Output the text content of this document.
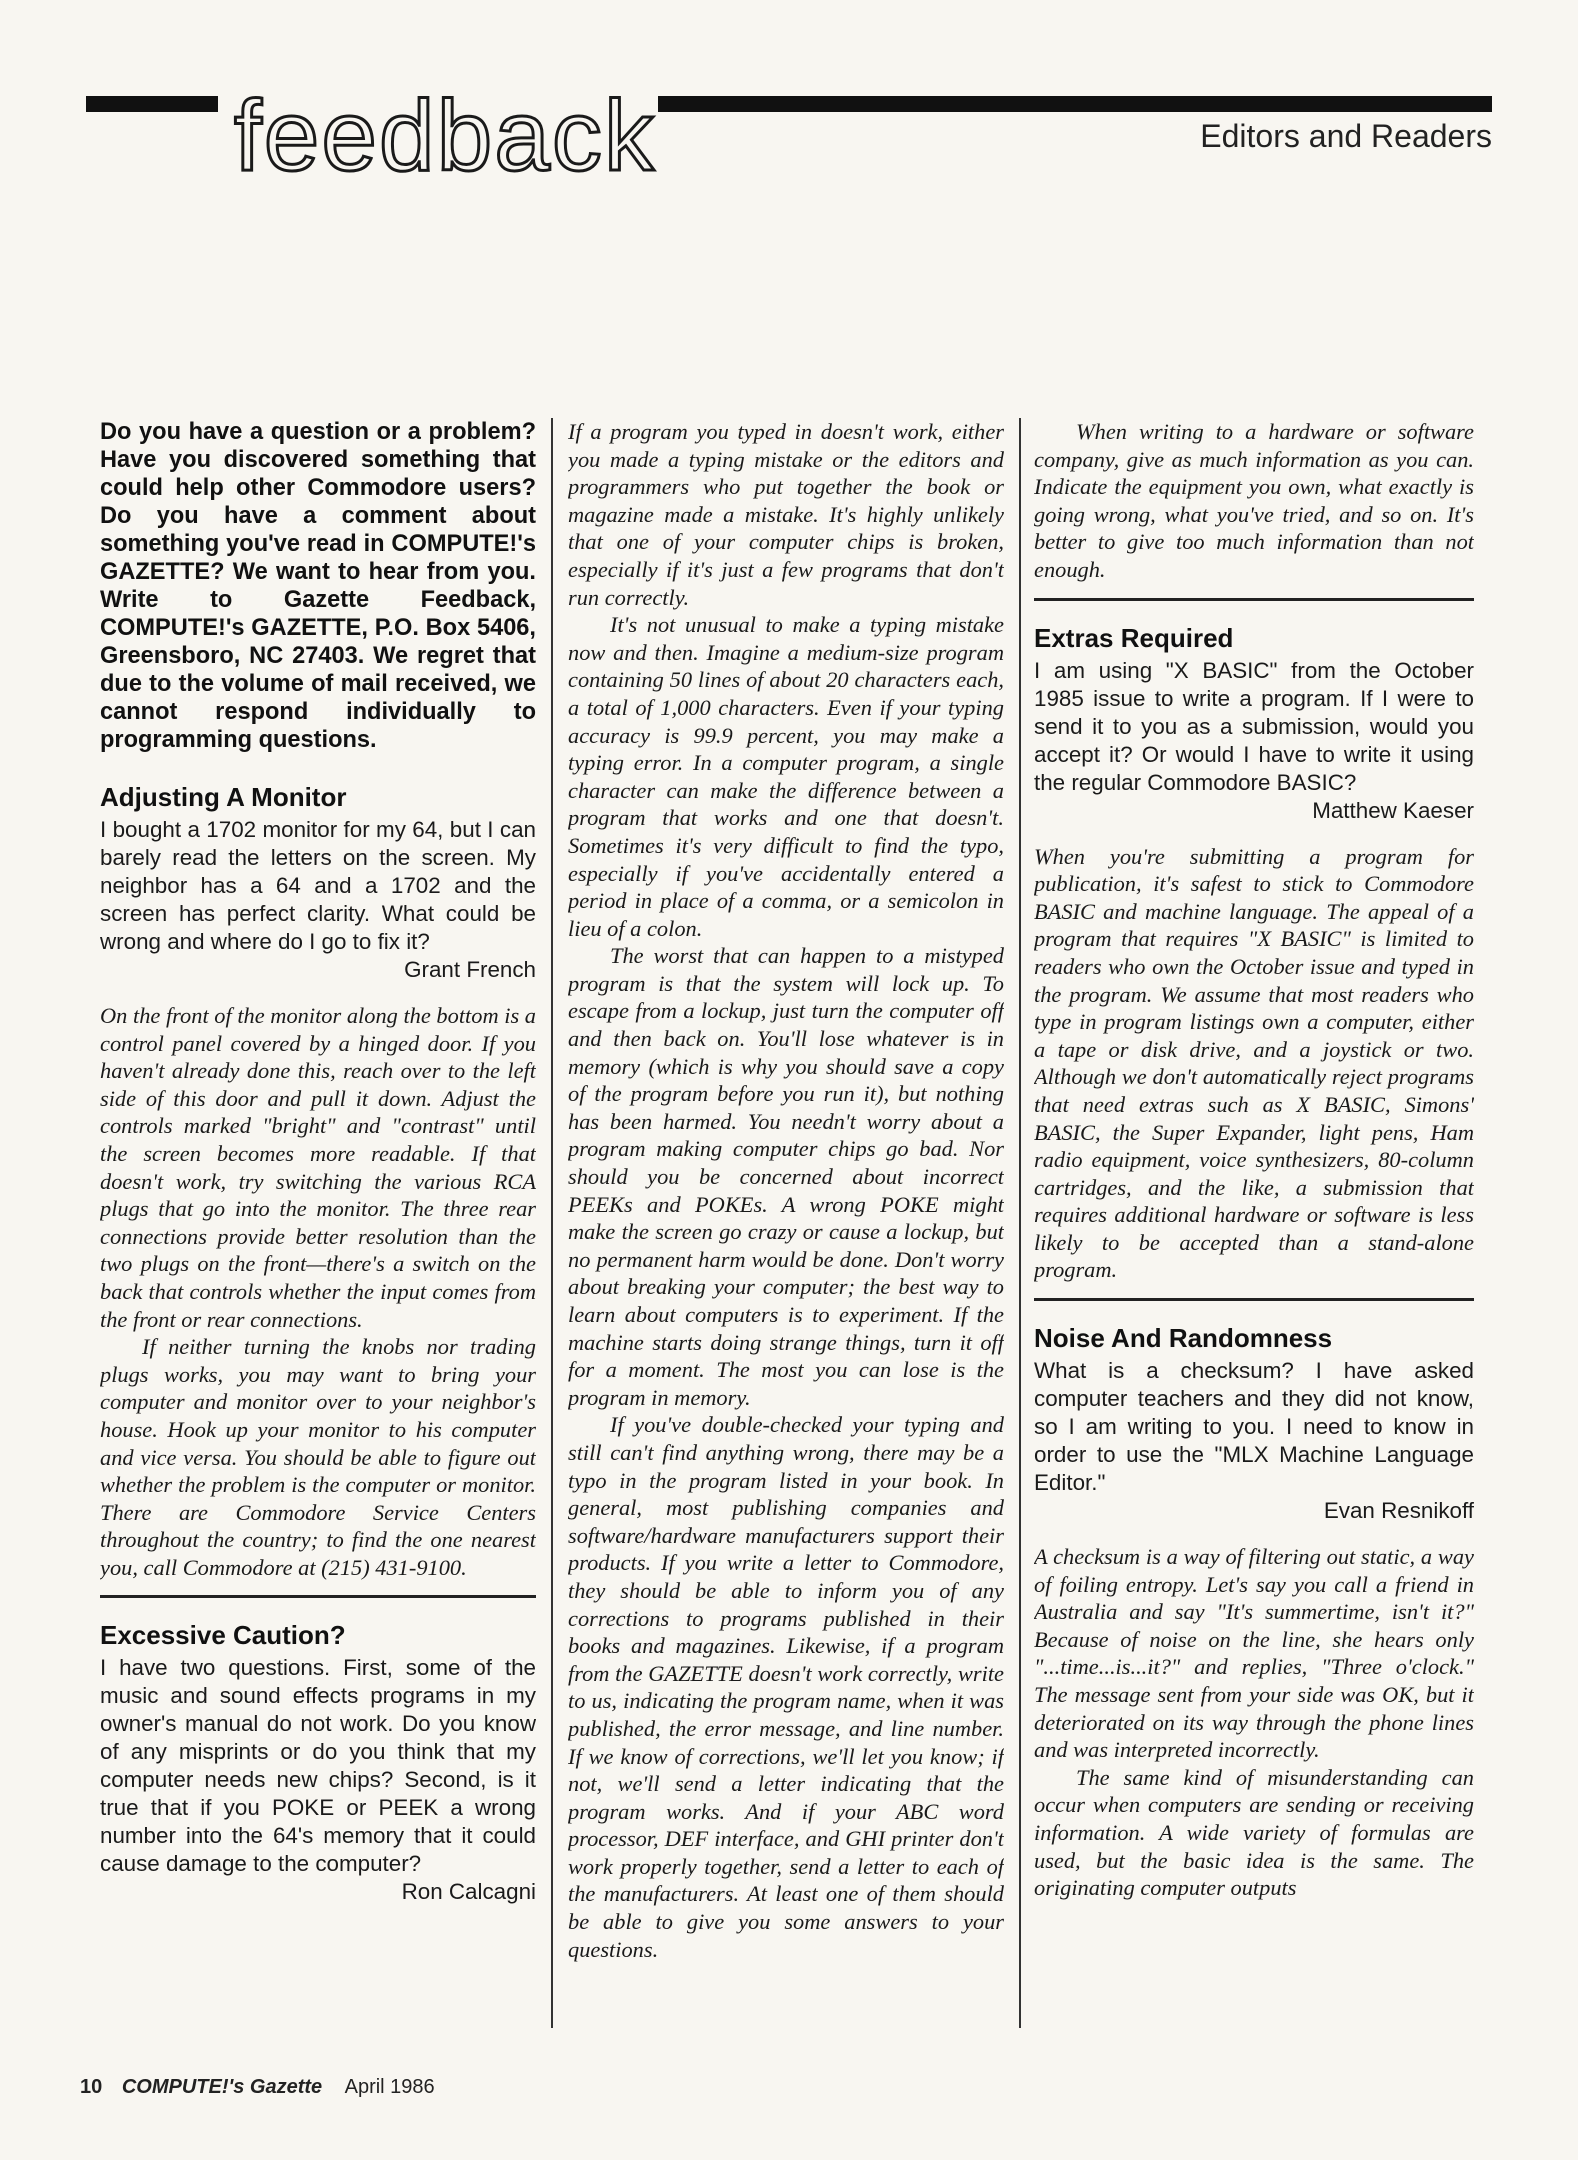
feedback	Editors and Readers

Do you have a question or a problem? Have you discovered something that could help other Commodore users? Do you have a comment about something you've read in COMPUTE!'s GAZETTE? We want to hear from you. Write to Gazette Feedback, COMPUTE!'s GAZETTE, P.O. Box 5406, Greensboro, NC 27403. We regret that due to the volume of mail received, we cannot respond individually to programming questions.

Adjusting A Monitor

I bought a 1702 monitor for my 64, but I can barely read the letters on the screen. My neighbor has a 64 and a 1702 and the screen has perfect clarity. What could be wrong and where do I go to fix it?

Grant French

On the front of the monitor along the bottom is a control panel covered by a hinged door. If you haven't already done this, reach over to the left side of this door and pull it down. Adjust the controls marked "bright" and "contrast" until the screen becomes more readable. If that doesn't work, try switching the various RCA plugs that go into the monitor. The three rear connections provide better resolution than the two plugs on the front—there's a switch on the back that controls whether the input comes from the front or rear connections.

If neither turning the knobs nor trading plugs works, you may want to bring your computer and monitor over to your neighbor's house. Hook up your monitor to his computer and vice versa. You should be able to figure out whether the problem is the computer or monitor. There are Commodore Service Centers throughout the country; to find the one nearest you, call Commodore at (215) 431-9100.

Excessive Caution?

I have two questions. First, some of the music and sound effects programs in my owner's manual do not work. Do you know of any misprints or do you think that my computer needs new chips? Second, is it true that if you POKE or PEEK a wrong number into the 64's memory that it could cause damage to the computer?

Ron Calcagni

If a program you typed in doesn't work, either you made a typing mistake or the editors and programmers who put together the book or magazine made a mistake. It's highly unlikely that one of your computer chips is broken, especially if it's just a few programs that don't run correctly.

It's not unusual to make a typing mistake now and then. Imagine a medium-size program containing 50 lines of about 20 characters each, a total of 1,000 characters. Even if your typing accuracy is 99.9 percent, you may make a typing error. In a computer program, a single character can make the difference between a program that works and one that doesn't. Sometimes it's very difficult to find the typo, especially if you've accidentally entered a period in place of a comma, or a semicolon in lieu of a colon.

The worst that can happen to a mistyped program is that the system will lock up. To escape from a lockup, just turn the computer off and then back on. You'll lose whatever is in memory (which is why you should save a copy of the program before you run it), but nothing has been harmed. You needn't worry about a program making computer chips go bad. Nor should you be concerned about incorrect PEEKs and POKEs. A wrong POKE might make the screen go crazy or cause a lockup, but no permanent harm would be done. Don't worry about breaking your computer; the best way to learn about computers is to experiment. If the machine starts doing strange things, turn it off for a moment. The most you can lose is the program in memory.

If you've double-checked your typing and still can't find anything wrong, there may be a typo in the program listed in your book. In general, most publishing companies and software/hardware manufacturers support their products. If you write a letter to Commodore, they should be able to inform you of any corrections to programs published in their books and magazines. Likewise, if a program from the GAZETTE doesn't work correctly, write to us, indicating the program name, when it was published, the error message, and line number. If we know of corrections, we'll let you know; if not, we'll send a letter indicating that the program works. And if your ABC word processor, DEF interface, and GHI printer don't work properly together, send a letter to each of the manufacturers. At least one of them should be able to give you some answers to your questions.

When writing to a hardware or software company, give as much information as you can. Indicate the equipment you own, what exactly is going wrong, what you've tried, and so on. It's better to give too much information than not enough.

Extras Required

I am using "X BASIC" from the October 1985 issue to write a program. If I were to send it to you as a submission, would you accept it? Or would I have to write it using the regular Commodore BASIC?

Matthew Kaeser

When you're submitting a program for publication, it's safest to stick to Commodore BASIC and machine language. The appeal of a program that requires "X BASIC" is limited to readers who own the October issue and typed in the program. We assume that most readers who type in program listings own a computer, either a tape or disk drive, and a joystick or two. Although we don't automatically reject programs that need extras such as X BASIC, Simons' BASIC, the Super Expander, light pens, Ham radio equipment, voice synthesizers, 80-column cartridges, and the like, a submission that requires additional hardware or software is less likely to be accepted than a stand-alone program.

Noise And Randomness

What is a checksum? I have asked computer teachers and they did not know, so I am writing to you. I need to know in order to use the "MLX Machine Language Editor."

Evan Resnikoff

A checksum is a way of filtering out static, a way of foiling entropy. Let's say you call a friend in Australia and say "It's summertime, isn't it?" Because of noise on the line, she hears only "...time...is...it?" and replies, "Three o'clock." The message sent from your side was OK, but it deteriorated on its way through the phone lines and was interpreted incorrectly.

The same kind of misunderstanding can occur when computers are sending or receiving information. A wide variety of formulas are used, but the basic idea is the same. The originating computer outputs

10 COMPUTE!'s Gazette April 1986
